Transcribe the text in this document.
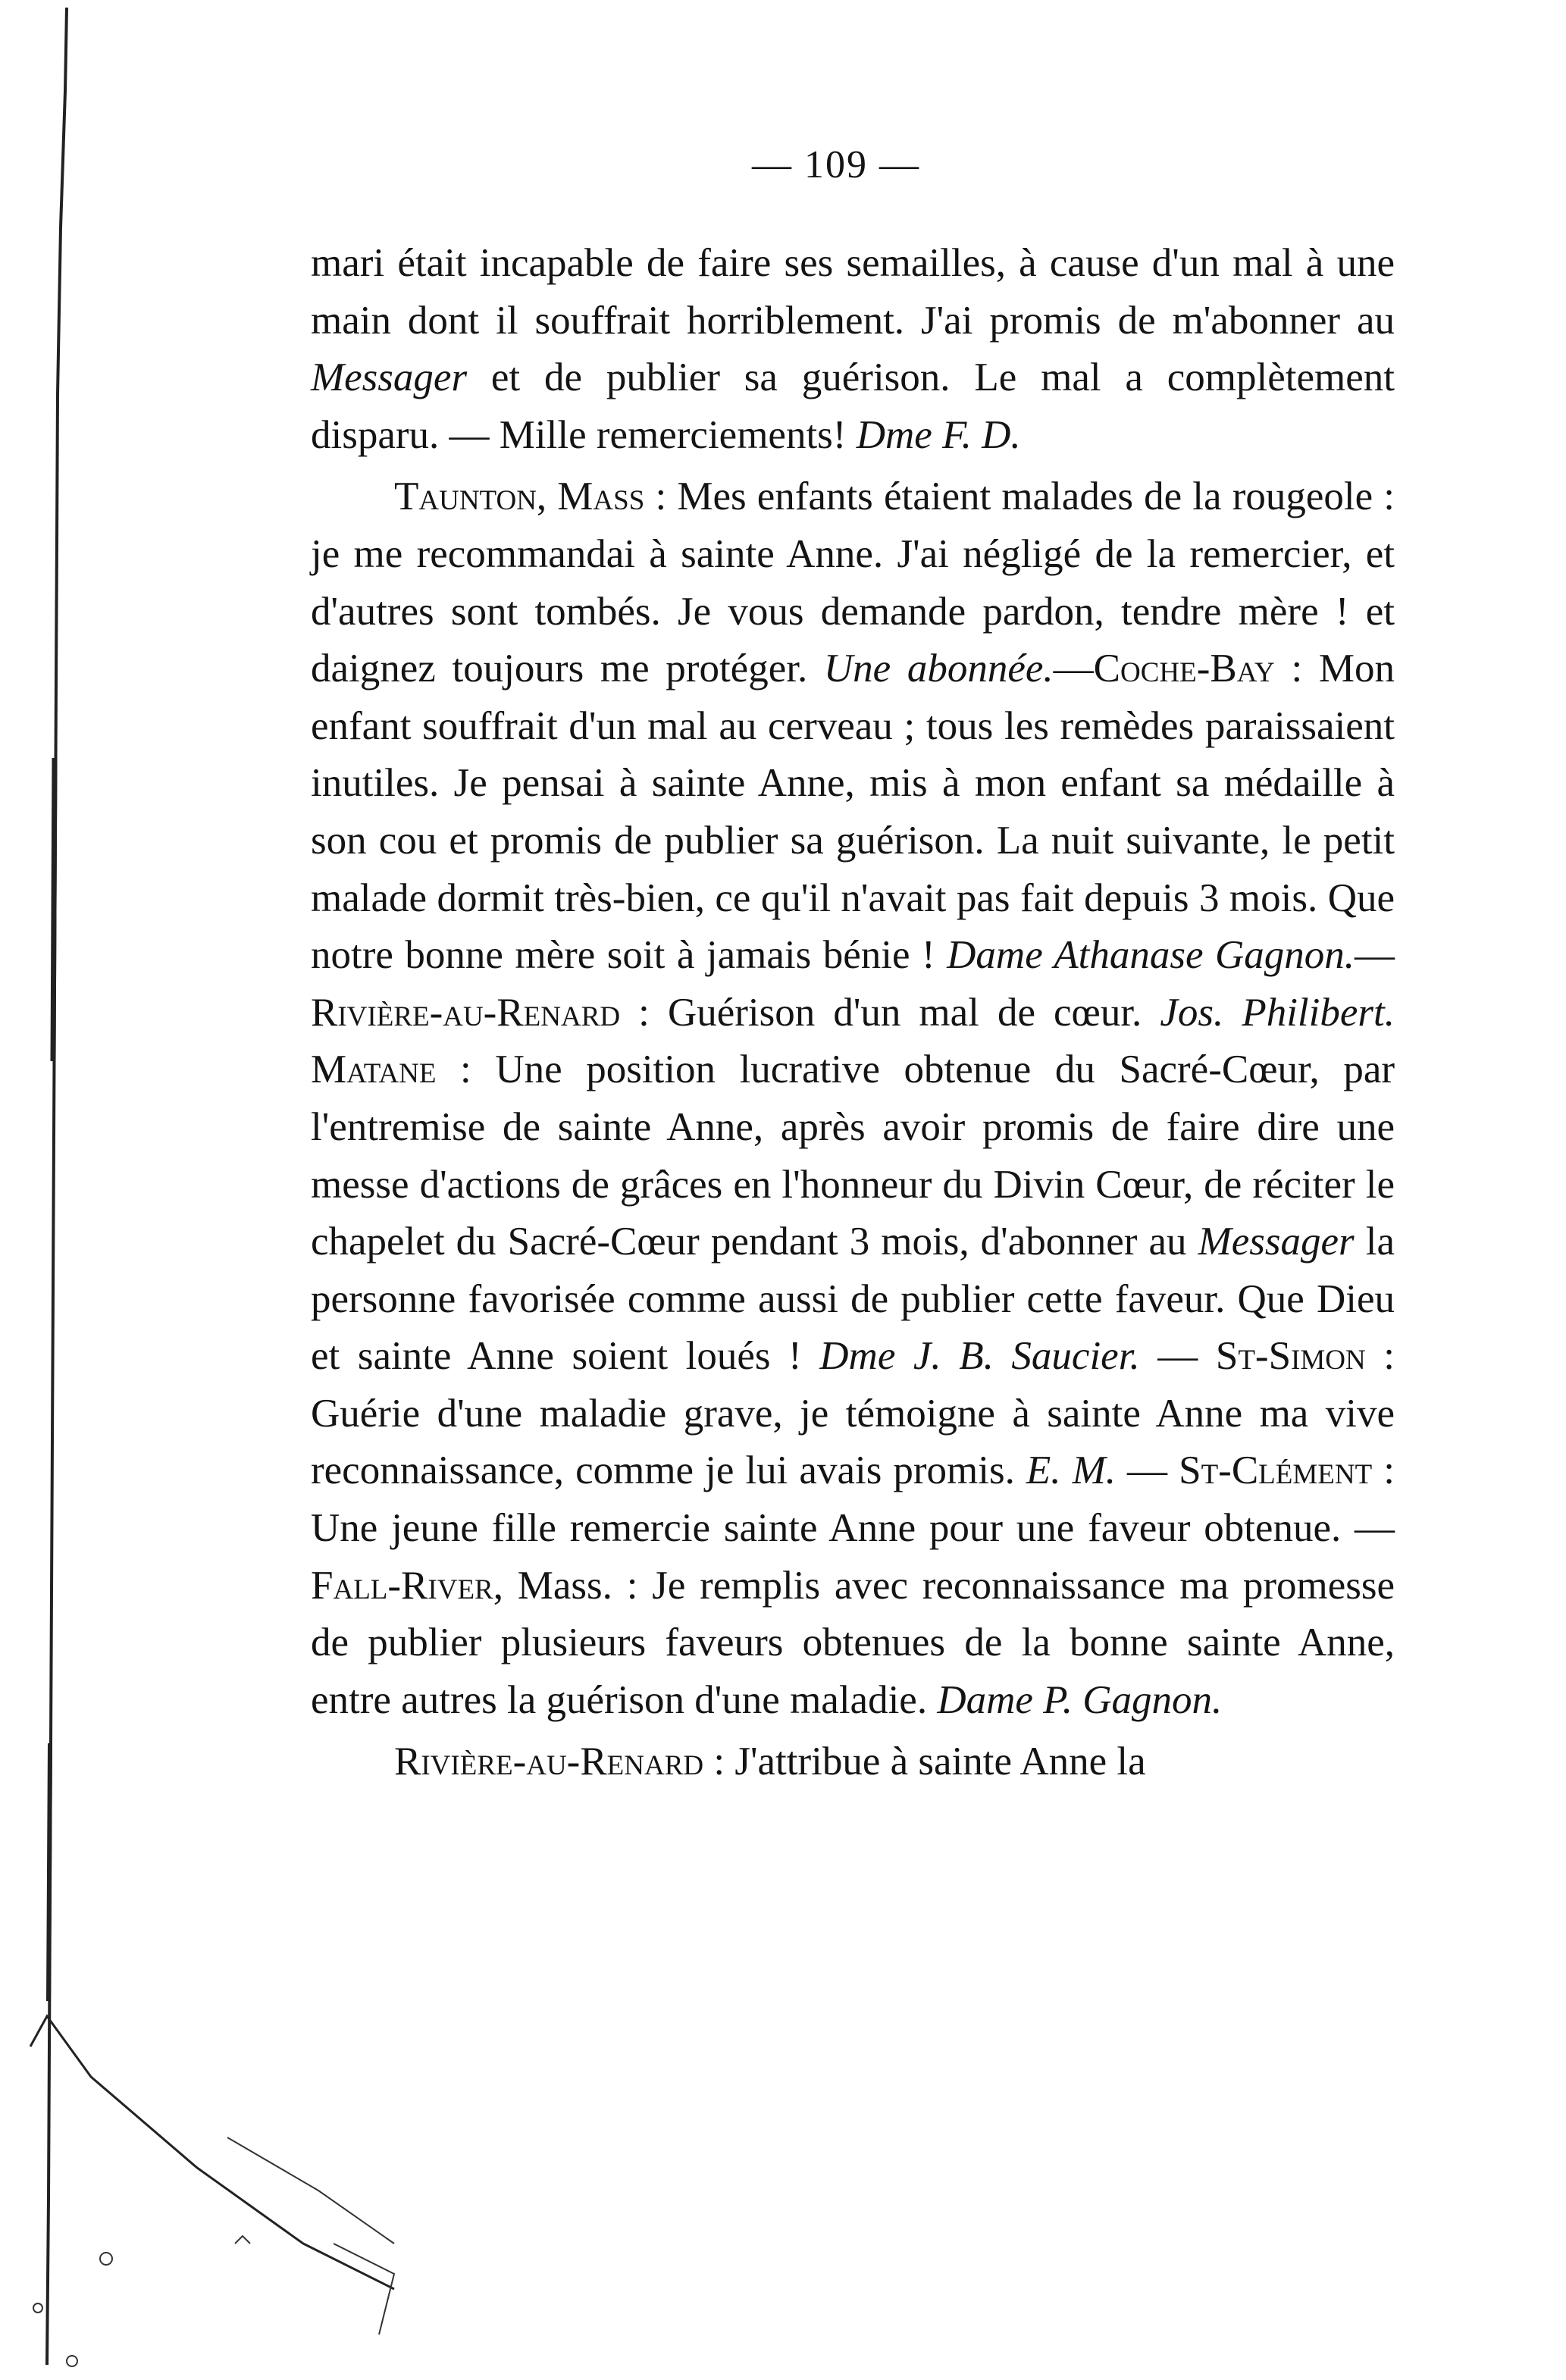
— 109 —

mari était incapable de faire ses semailles, à cause d'un mal à une main dont il souffrait horriblement. J'ai promis de m'abonner au Messager et de publier sa guérison. Le mal a complètement disparu. — Mille remerciements! Dme F. D.

Taunton, Mass : Mes enfants étaient malades de la rougeole : je me recommandai à sainte Anne. J'ai négligé de la remercier, et d'autres sont tombés. Je vous demande pardon, tendre mère ! et daignez toujours me protéger. Une abonnée.—Coche-Bay : Mon enfant souffrait d'un mal au cerveau ; tous les remèdes paraissaient inutiles. Je pensai à sainte Anne, mis à mon enfant sa médaille à son cou et promis de publier sa guérison. La nuit suivante, le petit malade dormit très-bien, ce qu'il n'avait pas fait depuis 3 mois. Que notre bonne mère soit à jamais bénie ! Dame Athanase Gagnon.—Rivière-au-Renard : Guérison d'un mal de cœur. Jos. Philibert. Matane : Une position lucrative obtenue du Sacré-Cœur, par l'entremise de sainte Anne, après avoir promis de faire dire une messe d'actions de grâces en l'honneur du Divin Cœur, de réciter le chapelet du Sacré-Cœur pendant 3 mois, d'abonner au Messager la personne favorisée comme aussi de publier cette faveur. Que Dieu et sainte Anne soient loués ! Dme J. B. Saucier. — St-Simon : Guérie d'une maladie grave, je témoigne à sainte Anne ma vive reconnaissance, comme je lui avais promis. E. M. — St-Clément : Une jeune fille remercie sainte Anne pour une faveur obtenue. — Fall-River, Mass. : Je remplis avec reconnaissance ma promesse de publier plusieurs faveurs obtenues de la bonne sainte Anne, entre autres la guérison d'une maladie. Dame P. Gagnon.

Rivière-au-Renard : J'attribue à sainte Anne la
